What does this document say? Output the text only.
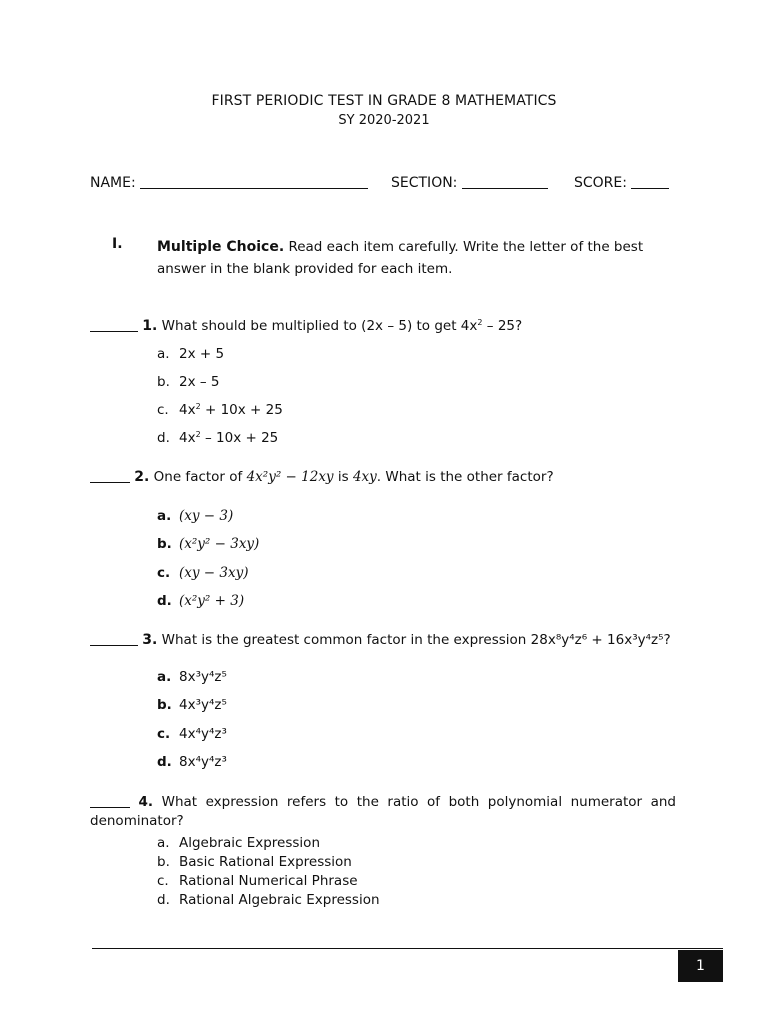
FIRST PERIODIC TEST IN GRADE 8 MATHEMATICS
SY 2020-2021
NAME:	SECTION:	SCORE:
I. Multiple Choice. Read each item carefully. Write the letter of the best answer in the blank provided for each item.
1. What should be multiplied to (2x – 5) to get $4x^2 - 25$?
a. 2x + 5
b. 2x – 5
c. $4x^2 + 10x + 25$
d. $4x^2 - 10x + 25$
2. One factor of 4x²y² − 12xy is 4xy. What is the other factor?
a. (xy − 3)
b. (x²y² − 3xy)
c. (xy − 3xy)
d. (x²y² + 3)
3. What is the greatest common factor in the expression 28x⁸y⁴z⁶ + 16x³y⁴z⁵?
a. 8x³y⁴z⁵
b. 4x³y⁴z⁵
c. 4x⁴y⁴z³
d. 8x⁴y⁴z³
4. What expression refers to the ratio of both polynomial numerator and denominator?
a. Algebraic Expression
b. Basic Rational Expression
c. Rational Numerical Phrase
d. Rational Algebraic Expression
1
